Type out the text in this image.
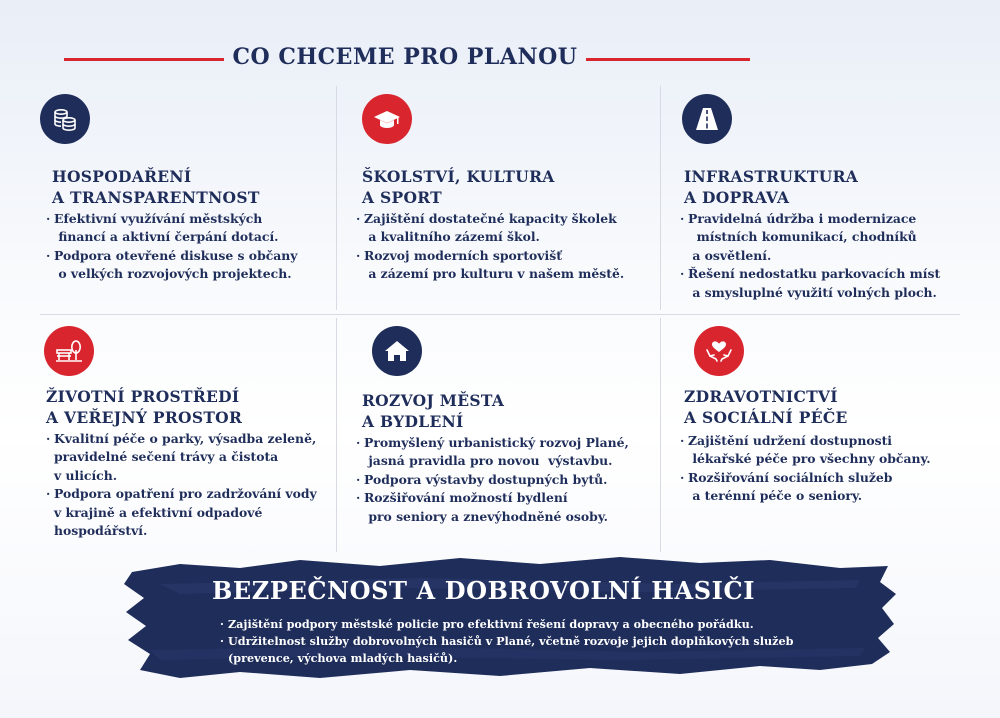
CO CHCEME PRO PLANOU
HOSPODAŘENÍ
A TRANSPARENTNOST
· Efektivní využívání městských
financí a aktivní čerpání dotací.
· Podpora otevřené diskuse s občany
o velkých rozvojových projektech.
ŠKOLSTVÍ, KULTURA
A SPORT
· Zajištění dostatečné kapacity školek
a kvalitního zázemí škol.
· Rozvoj moderních sportovišť
a zázemí pro kulturu v našem městě.
INFRASTRUKTURA
A DOPRAVA
· Pravidelná údržba i modernizace
místních komunikací, chodníků
a osvětlení.
· Řešení nedostatku parkovacích míst
a smysluplné využití volných ploch.
ŽIVOTNÍ PROSTŘEDÍ
A VEŘEJNÝ PROSTOR
· Kvalitní péče o parky, výsadba zeleně,
pravidelné sečení trávy a čistota
v ulicích.
· Podpora opatření pro zadržování vody
v krajině a efektivní odpadové
hospodářství.
ROZVOJ MĚSTA
A BYDLENÍ
· Promyšlený urbanistický rozvoj Plané,
jasná pravidla pro novou  výstavbu.
· Podpora výstavby dostupných bytů.
· Rozšiřování možností bydlení
pro seniory a znevýhodněné osoby.
ZDRAVOTNICTVÍ
A SOCIÁLNÍ PÉČE
· Zajištění udržení dostupnosti
lékařské péče pro všechny občany.
· Rozšiřování sociálních služeb
a terénní péče o seniory.
BEZPEČNOST A DOBROVOLNÍ HASIČI
· Zajištění podpory městské policie pro efektivní řešení dopravy a obecného pořádku.
· Udržitelnost služby dobrovolných hasičů v Plané, včetně rozvoje jejich doplňkových služeb
(prevence, výchova mladých hasičů).
